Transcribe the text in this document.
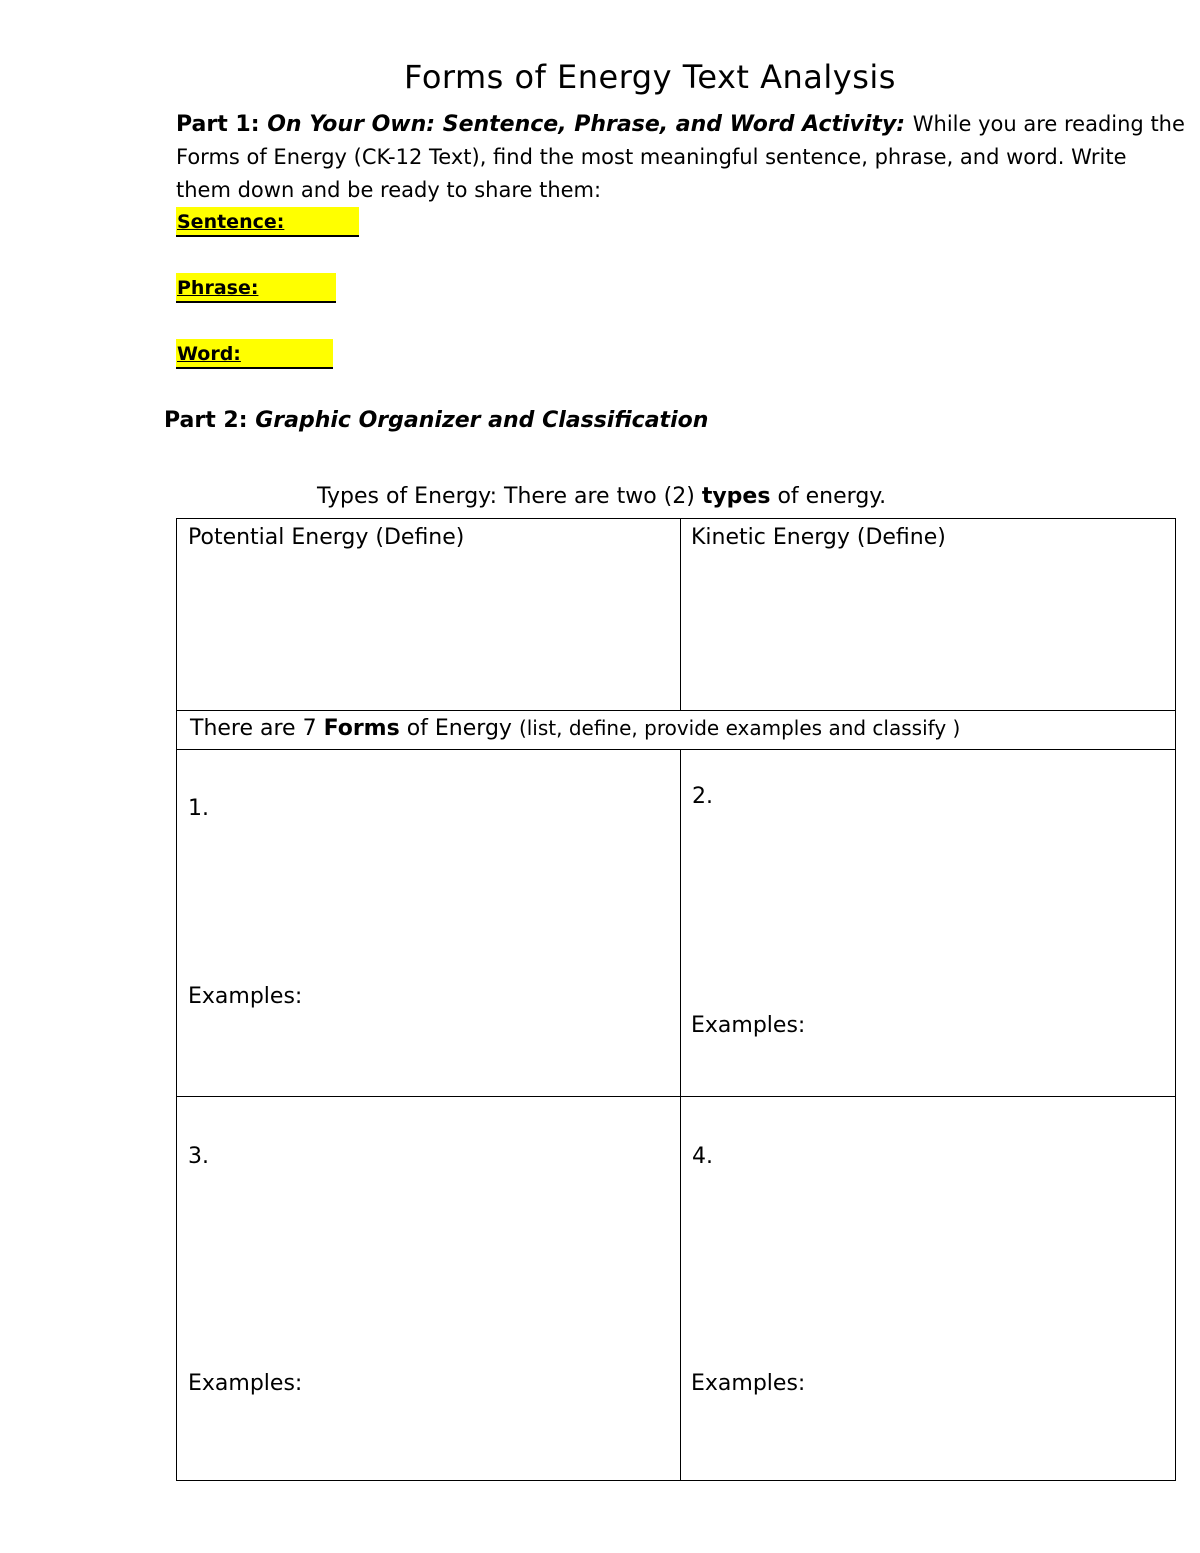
Forms of Energy Text Analysis
Part 1: On Your Own: Sentence, Phrase, and Word Activity: While you are reading the Forms of Energy (CK-12 Text), find the most meaningful sentence, phrase, and word. Write them down and be ready to share them:
Sentence:
Phrase:
Word:
Part 2: Graphic Organizer and Classification
Types of Energy: There are two (2) types of energy.
Potential Energy (Define)	Kinetic Energy (Define)
There are 7 Forms of Energy (list, define, provide examples and classify )
1.
Examples:
2.
Examples:
3.
Examples:
4.
Examples:
